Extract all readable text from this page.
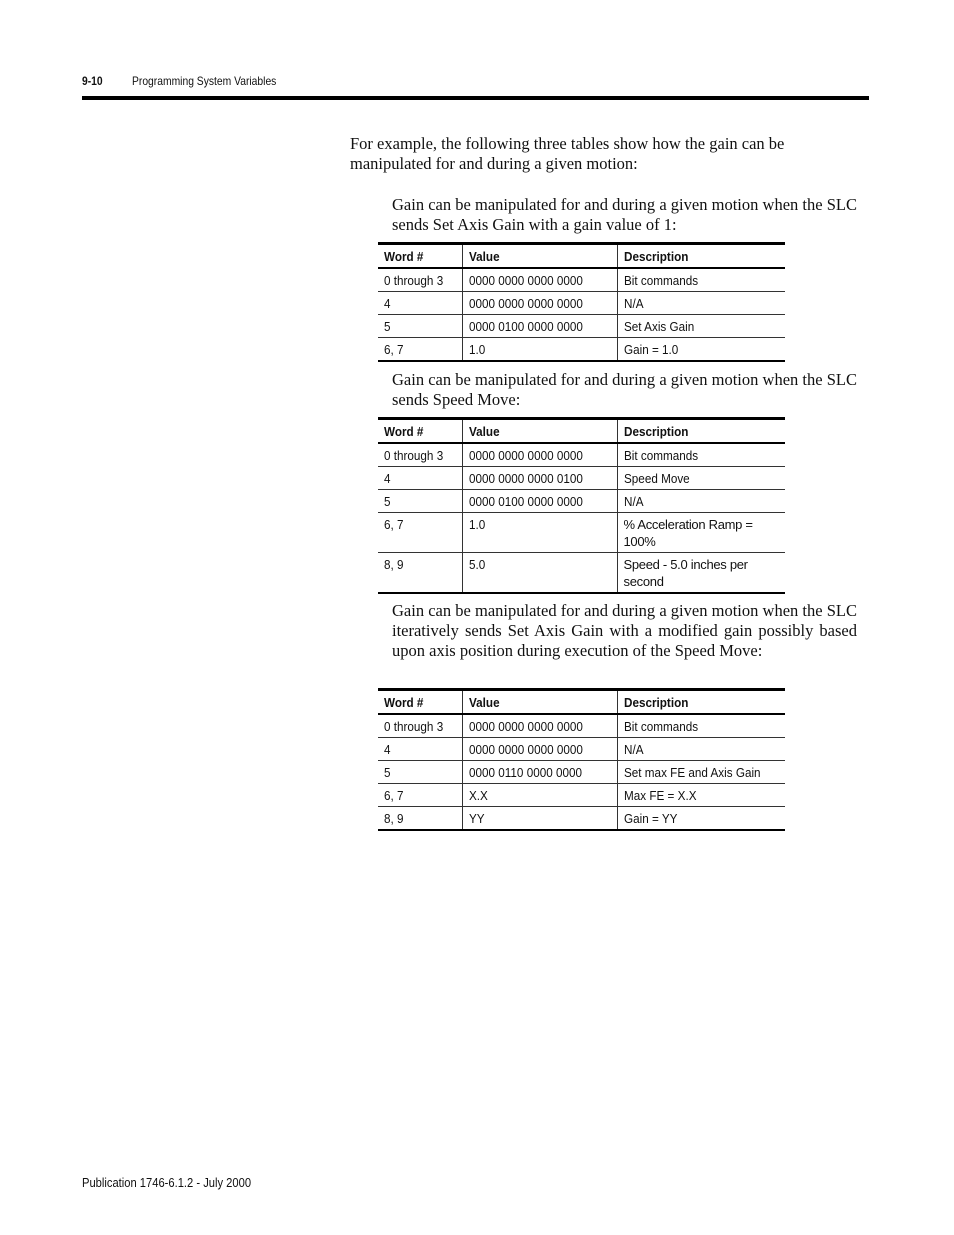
9-10 Programming System Variables

For example, the following three tables show how the gain can be manipulated for and during a given motion:

Gain can be manipulated for and during a given motion when the SLC sends Set Axis Gain with a gain value of 1:

Word #	Value	Description
0 through 3	0000 0000 0000 0000	Bit commands
4	0000 0000 0000 0000	N/A
5	0000 0100 0000 0000	Set Axis Gain
6, 7	1.0	Gain = 1.0

Gain can be manipulated for and during a given motion when the SLC sends Speed Move:

Word #	Value	Description
0 through 3	0000 0000 0000 0000	Bit commands
4	0000 0000 0000 0100	Speed Move
5	0000 0100 0000 0000	N/A
6, 7	1.0	% Acceleration Ramp = 100%
8, 9	5.0	Speed - 5.0 inches per second

Gain can be manipulated for and during a given motion when the SLC iteratively sends Set Axis Gain with a modified gain possibly based upon axis position during execution of the Speed Move:

Word #	Value	Description
0 through 3	0000 0000 0000 0000	Bit commands
4	0000 0000 0000 0000	N/A
5	0000 0110 0000 0000	Set max FE and Axis Gain
6, 7	X.X	Max FE = X.X
8, 9	YY	Gain = YY
Publication 1746-6.1.2 - July 2000
